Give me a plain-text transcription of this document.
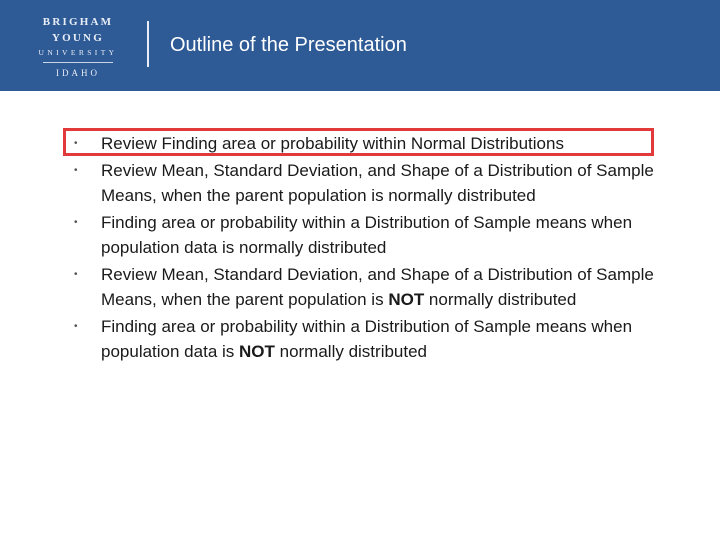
BRIGHAM YOUNG
UNIVERSITY
IDAHO
Outline of the Presentation
• Review Finding area or probability within Normal Distributions
• Review Mean, Standard Deviation, and Shape of a Distribution of Sample Means, when the parent population is normally distributed
• Finding area or probability within a Distribution of Sample means when population data is normally distributed
• Review Mean, Standard Deviation, and Shape of a Distribution of Sample Means, when the parent population is NOT normally distributed
• Finding area or probability within a Distribution of Sample means when population data is NOT normally distributed
